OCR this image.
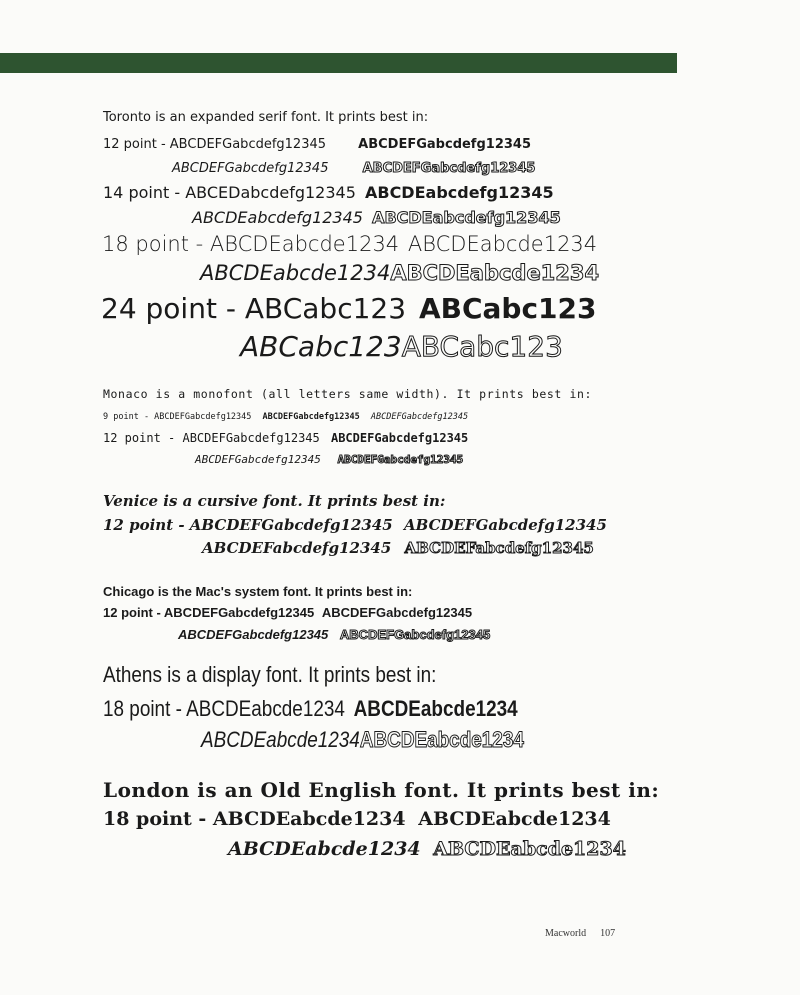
Toronto is an expanded serif font. It prints best in:
12 point - ABCDEFGabcdefg12345 ABCDEFGabcdefg12345
ABCDEFGabcdefg12345	ABCDEFGabcdefg12345
14 point - ABCEDabcdefg12345 ABCDEabcdefg12345
ABCDEabcdefg12345 ABCDEabcdefg12345
18 point - ABCDEabcde1234 ABCDEabcde1234
ABCDEabcde1234ABCDEabcde1234
24 point - ABCabc123 ABCabc123
ABCabc123ABCabc123
Monaco is a monofont (all letters same width). It prints best in:
9 point - ABCDEFGabcdefg12345 ABCDEFGabcdefg12345 ABCDEFGabcdefg12345
12 point - ABCDEFGabcdefg12345 ABCDEFGabcdefg12345
ABCDEFGabcdefg12345 ABCDEFGabcdefg12345
Venice is a cursive font. It prints best in:
12 point - ABCDEFGabcdefg12345 ABCDEFGabcdefg12345
ABCDEFabcdefg12345 ABCDEFabcdefg12345
Chicago is the Mac's system font. It prints best in:
12 point - ABCDEFGabcdefg12345 ABCDEFGabcdefg12345
ABCDEFGabcdefg12345 ABCDEFGabcdefg12345
Athens is a display font. It prints best in:
18 point - ABCDEabcde1234 ABCDEabcde1234
ABCDEabcde1234ABCDEabcde1234
London is an Old English font. It prints best in:
18 point - ABCDEabcde1234 ABCDEabcde1234
ABCDEabcde1234 ABCDEabcde1234
Macworld 107
